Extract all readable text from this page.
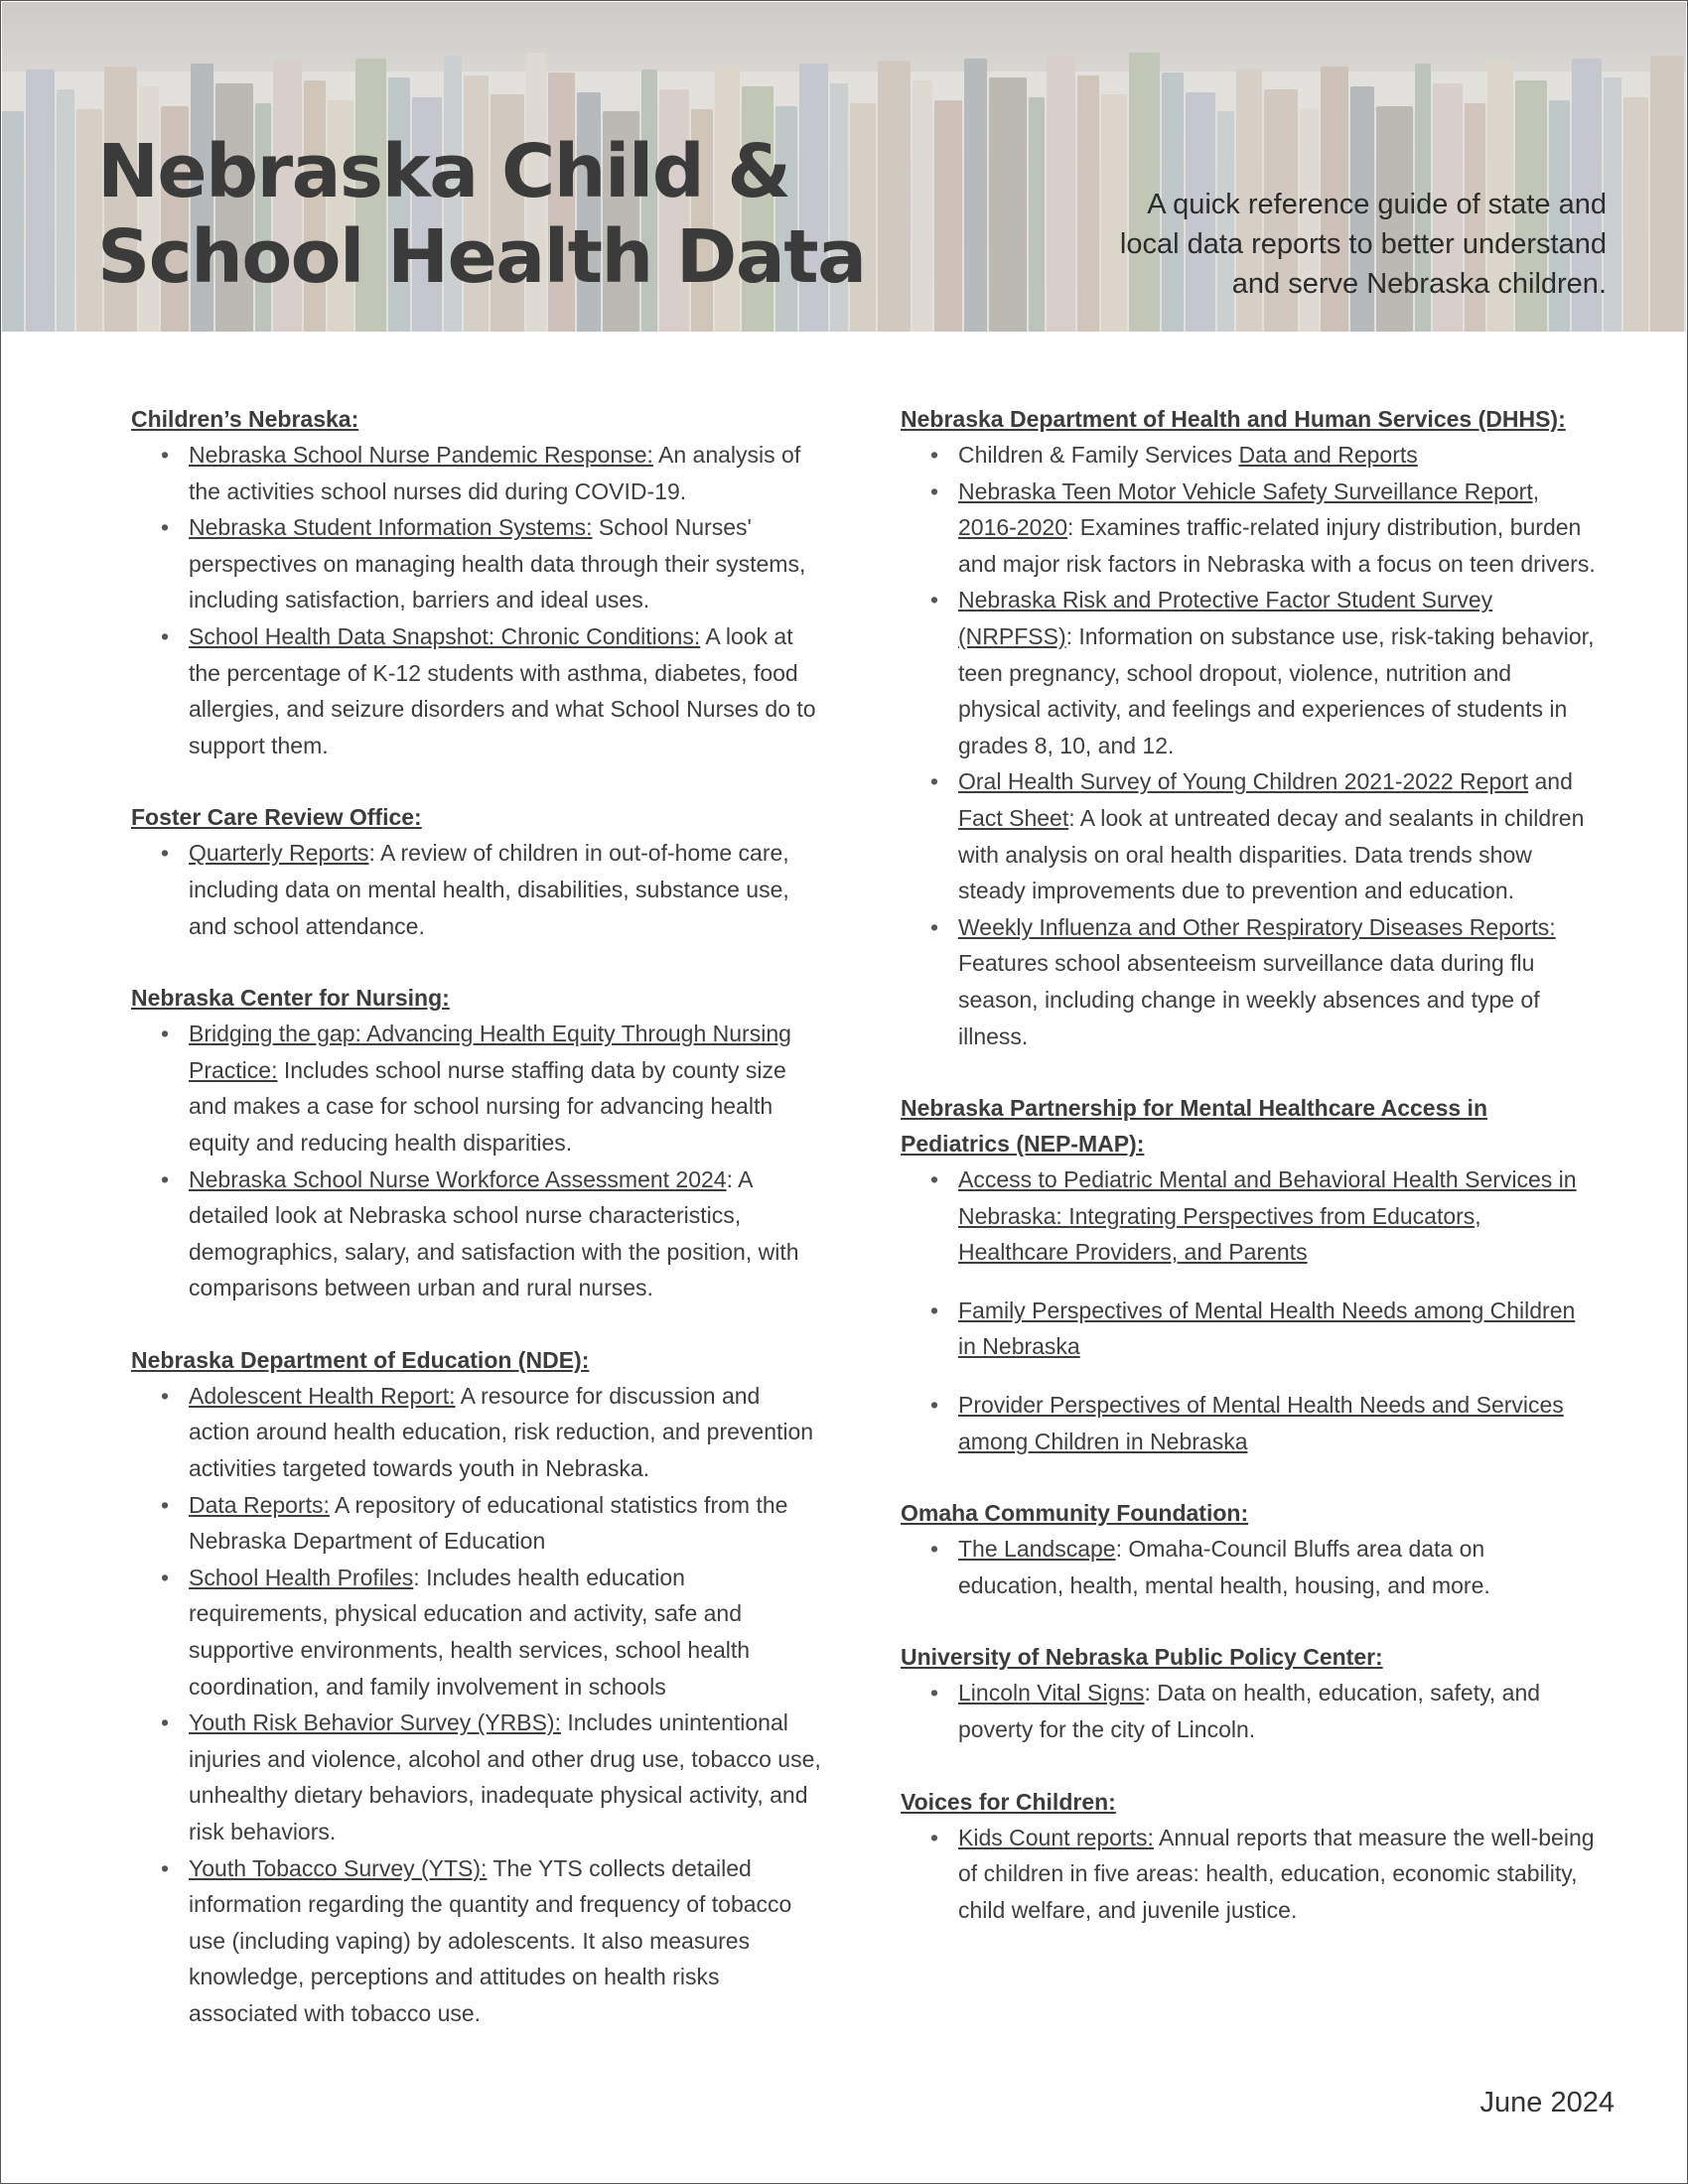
Nebraska Child &
School Health Data

A quick reference guide of state and
local data reports to better understand
and serve Nebraska children.

Children’s Nebraska:

• Nebraska School Nurse Pandemic Response: An analysis of the activities school nurses did during COVID-19.
• Nebraska Student Information Systems: School Nurses' perspectives on managing health data through their systems, including satisfaction, barriers and ideal uses.
• School Health Data Snapshot: Chronic Conditions: A look at the percentage of K-12 students with asthma, diabetes, food allergies, and seizure disorders and what School Nurses do to support them.

Foster Care Review Office:

• Quarterly Reports: A review of children in out-of-home care, including data on mental health, disabilities, substance use, and school attendance.

Nebraska Center for Nursing:

• Bridging the gap: Advancing Health Equity Through Nursing Practice: Includes school nurse staffing data by county size and makes a case for school nursing for advancing health equity and reducing health disparities.
• Nebraska School Nurse Workforce Assessment 2024: A detailed look at Nebraska school nurse characteristics, demographics, salary, and satisfaction with the position, with comparisons between urban and rural nurses.

Nebraska Department of Education (NDE):

• Adolescent Health Report: A resource for discussion and action around health education, risk reduction, and prevention activities targeted towards youth in Nebraska.
• Data Reports: A repository of educational statistics from the Nebraska Department of Education
• School Health Profiles: Includes health education requirements, physical education and activity, safe and supportive environments, health services, school health coordination, and family involvement in schools
• Youth Risk Behavior Survey (YRBS): Includes unintentional injuries and violence, alcohol and other drug use, tobacco use, unhealthy dietary behaviors, inadequate physical activity, and risk behaviors.
• Youth Tobacco Survey (YTS): The YTS collects detailed information regarding the quantity and frequency of tobacco use (including vaping) by adolescents. It also measures knowledge, perceptions and attitudes on health risks associated with tobacco use.

Nebraska Department of Health and Human Services (DHHS):

• Children & Family Services Data and Reports
• Nebraska Teen Motor Vehicle Safety Surveillance Report, 2016-2020: Examines traffic-related injury distribution, burden and major risk factors in Nebraska with a focus on teen drivers.
• Nebraska Risk and Protective Factor Student Survey (NRPFSS): Information on substance use, risk-taking behavior, teen pregnancy, school dropout, violence, nutrition and physical activity, and feelings and experiences of students in grades 8, 10, and 12.
• Oral Health Survey of Young Children 2021-2022 Report and Fact Sheet: A look at untreated decay and sealants in children with analysis on oral health disparities. Data trends show steady improvements due to prevention and education.
• Weekly Influenza and Other Respiratory Diseases Reports: Features school absenteeism surveillance data during flu season, including change in weekly absences and type of illness.

Nebraska Partnership for Mental Healthcare Access in Pediatrics (NEP-MAP):

• Access to Pediatric Mental and Behavioral Health Services in Nebraska: Integrating Perspectives from Educators, Healthcare Providers, and Parents
• Family Perspectives of Mental Health Needs among Children in Nebraska
• Provider Perspectives of Mental Health Needs and Services among Children in Nebraska

Omaha Community Foundation:

• The Landscape: Omaha-Council Bluffs area data on education, health, mental health, housing, and more.

University of Nebraska Public Policy Center:

• Lincoln Vital Signs: Data on health, education, safety, and poverty for the city of Lincoln.

Voices for Children:

• Kids Count reports: Annual reports that measure the well-being of children in five areas: health, education, economic stability, child welfare, and juvenile justice.

June 2024
